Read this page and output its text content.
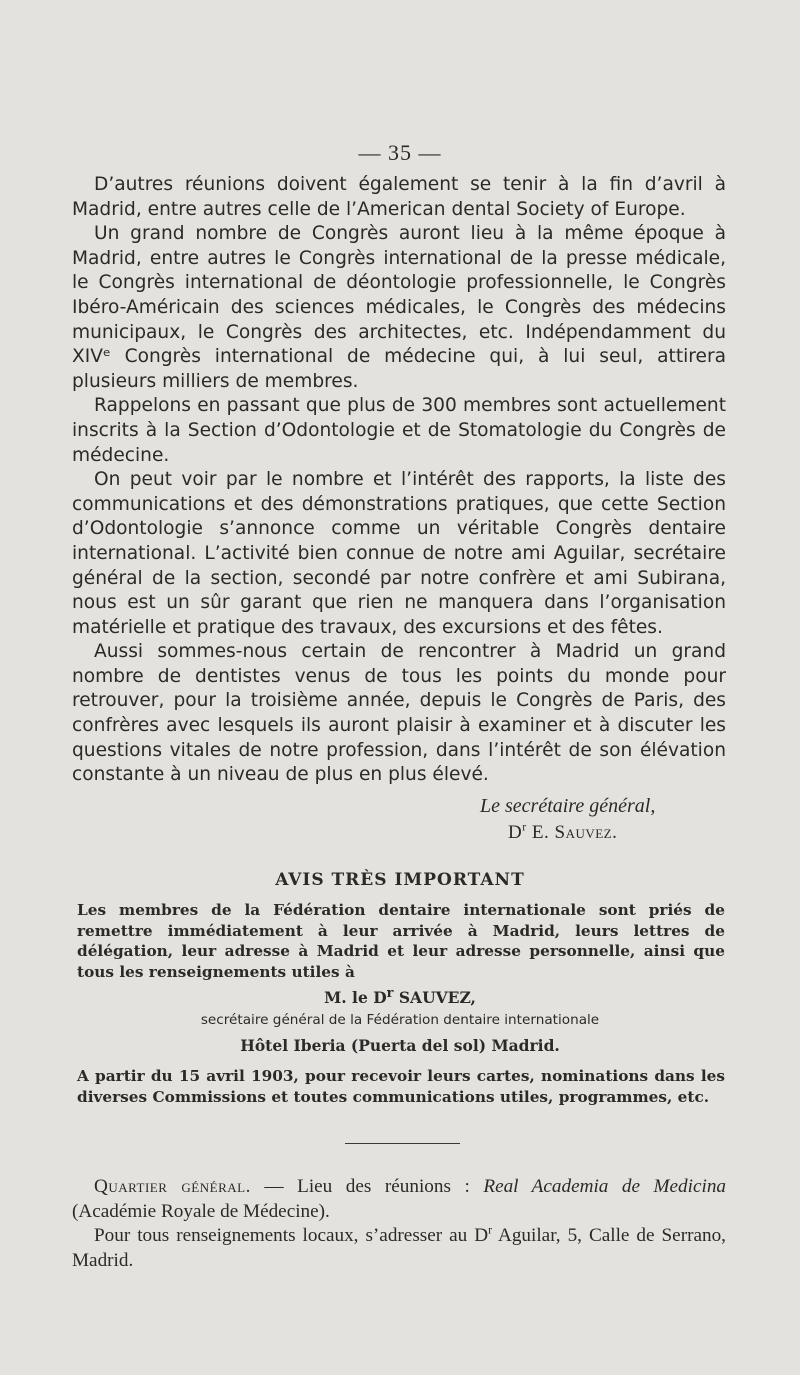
— 35 —

D’autres réunions doivent également se tenir à la fin d’avril à Madrid, entre autres celle de l’American dental Society of Europe.

Un grand nombre de Congrès auront lieu à la même époque à Madrid, entre autres le Congrès international de la presse médicale, le Congrès international de déontologie professionnelle, le Congrès Ibéro-Américain des sciences médicales, le Congrès des médecins municipaux, le Congrès des architectes, etc. Indépendamment du XIVᵉ Congrès international de médecine qui, à lui seul, attirera plusieurs milliers de membres.

Rappelons en passant que plus de 300 membres sont actuellement inscrits à la Section d’Odontologie et de Stomatologie du Congrès de médecine.

On peut voir par le nombre et l’intérêt des rapports, la liste des communications et des démonstrations pratiques, que cette Section d’Odontologie s’annonce comme un véritable Congrès dentaire international. L’activité bien connue de notre ami Aguilar, secrétaire général de la section, secondé par notre confrère et ami Subirana, nous est un sûr garant que rien ne manquera dans l’organisation matérielle et pratique des travaux, des excursions et des fêtes.

Aussi sommes-nous certain de rencontrer à Madrid un grand nombre de dentistes venus de tous les points du monde pour retrouver, pour la troisième année, depuis le Congrès de Paris, des confrères avec lesquels ils auront plaisir à examiner et à discuter les questions vitales de notre profession, dans l’intérêt de son élévation constante à un niveau de plus en plus élevé.

Le secrétaire général,
$D^r$ E. Sauvez.
AVIS TRÈS IMPORTANT
Les membres de la Fédération dentaire internationale sont priés de remettre immédiatement à leur arrivée à Madrid, leurs lettres de délégation, leur adresse à Madrid et leur adresse personnelle, ainsi que tous les renseignements utiles à
M. le $D^r$ SAUVEZ,
secrétaire général de la Fédération dentaire internationale
Hôtel Iberia (Puerta del sol) Madrid.
A partir du 15 avril 1903, pour recevoir leurs cartes, nominations dans les diverses Commissions et toutes communications utiles, programmes, etc.

Quartier général. — Lieu des réunions : Real Academia de Medicina (Académie Royale de Médecine).

Pour tous renseignements locaux, s’adresser au $D^r$ Aguilar, 5, Calle de Serrano, Madrid.
